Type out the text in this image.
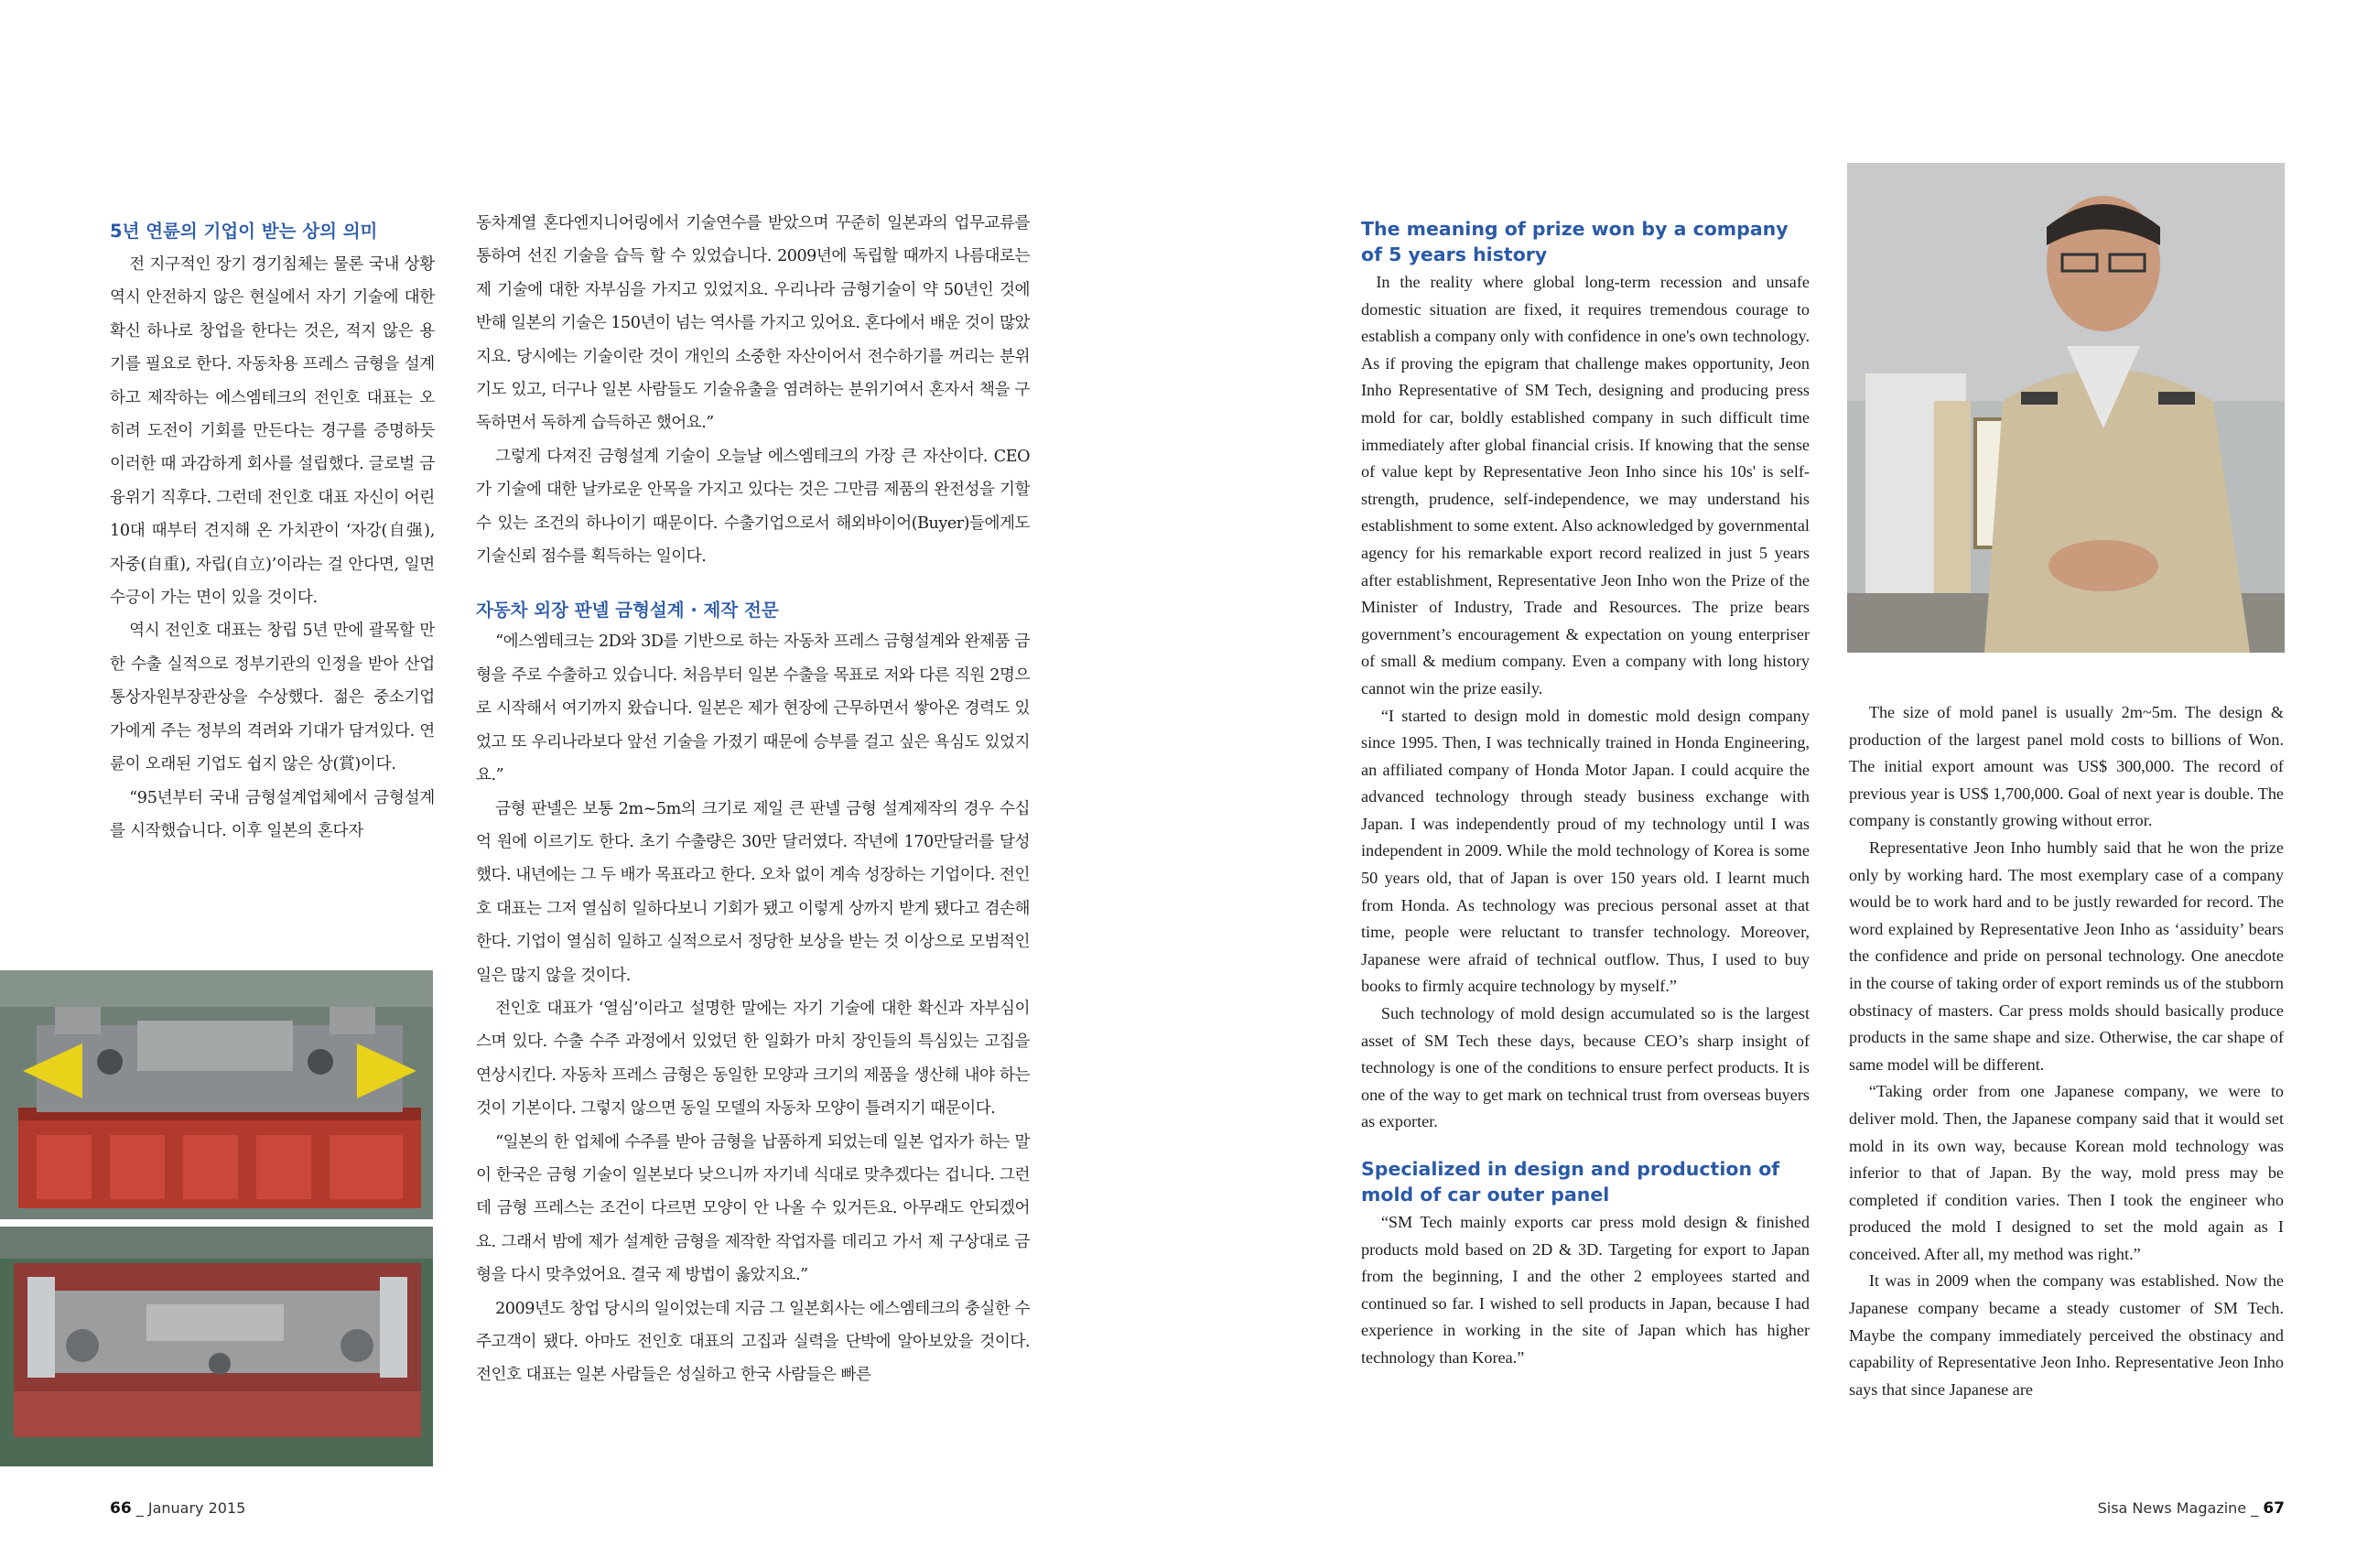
5년 연륜의 기업이 받는 상의 의미

전 지구적인 장기 경기침체는 물론 국내 상황 역시 안전하지 않은 현실에서 자기 기술에 대한 확신 하나로 창업을 한다는 것은, 적지 않은 용기를 필요로 한다. 자동차용 프레스 금형을 설계하고 제작하는 에스엠테크의 전인호 대표는 오히려 도전이 기회를 만든다는 경구를 증명하듯 이러한 때 과감하게 회사를 설립했다. 글로벌 금융위기 직후다. 그런데 전인호 대표 자신이 어린 10대 때부터 견지해 온 가치관이 ‘자강(自强), 자중(自重), 자립(自立)’이라는 걸 안다면, 일면 수긍이 가는 면이 있을 것이다.

역시 전인호 대표는 창립 5년 만에 괄목할 만한 수출 실적으로 정부기관의 인정을 받아 산업통상자원부장관상을 수상했다. 젊은 중소기업가에게 주는 정부의 격려와 기대가 담겨있다. 연륜이 오래된 기업도 쉽지 않은 상(賞)이다.

“95년부터 국내 금형설계업체에서 금형설계를 시작했습니다. 이후 일본의 혼다자

동차계열 혼다엔지니어링에서 기술연수를 받았으며 꾸준히 일본과의 업무교류를 통하여 선진 기술을 습득 할 수 있었습니다. 2009년에 독립할 때까지 나름대로는 제 기술에 대한 자부심을 가지고 있었지요. 우리나라 금형기술이 약 50년인 것에 반해 일본의 기술은 150년이 넘는 역사를 가지고 있어요. 혼다에서 배운 것이 많았지요. 당시에는 기술이란 것이 개인의 소중한 자산이어서 전수하기를 꺼리는 분위기도 있고, 더구나 일본 사람들도 기술유출을 염려하는 분위기여서 혼자서 책을 구독하면서 독하게 습득하곤 했어요.”

그렇게 다져진 금형설계 기술이 오늘날 에스엠테크의 가장 큰 자산이다. CEO가 기술에 대한 날카로운 안목을 가지고 있다는 것은 그만큼 제품의 완전성을 기할 수 있는 조건의 하나이기 때문이다. 수출기업으로서 해외바이어(Buyer)들에게도 기술신뢰 점수를 획득하는 일이다.

자동차 외장 판넬 금형설계 · 제작 전문

“에스엠테크는 2D와 3D를 기반으로 하는 자동차 프레스 금형설계와 완제품 금형을 주로 수출하고 있습니다. 처음부터 일본 수출을 목표로 저와 다른 직원 2명으로 시작해서 여기까지 왔습니다. 일본은 제가 현장에 근무하면서 쌓아온 경력도 있었고 또 우리나라보다 앞선 기술을 가졌기 때문에 승부를 걸고 싶은 욕심도 있었지요.”

금형 판넬은 보통 2m~5m의 크기로 제일 큰 판넬 금형 설계제작의 경우 수십억 원에 이르기도 한다. 초기 수출량은 30만 달러였다. 작년에 170만달러를 달성했다. 내년에는 그 두 배가 목표라고 한다. 오차 없이 계속 성장하는 기업이다. 전인호 대표는 그저 열심히 일하다보니 기회가 됐고 이렇게 상까지 받게 됐다고 겸손해 한다. 기업이 열심히 일하고 실적으로서 정당한 보상을 받는 것 이상으로 모범적인 일은 많지 않을 것이다.

전인호 대표가 ‘열심’이라고 설명한 말에는 자기 기술에 대한 확신과 자부심이 스며 있다. 수출 수주 과정에서 있었던 한 일화가 마치 장인들의 특심있는 고집을 연상시킨다. 자동차 프레스 금형은 동일한 모양과 크기의 제품을 생산해 내야 하는 것이 기본이다. 그렇지 않으면 동일 모델의 자동차 모양이 틀려지기 때문이다.

“일본의 한 업체에 수주를 받아 금형을 납품하게 되었는데 일본 업자가 하는 말이 한국은 금형 기술이 일본보다 낮으니까 자기네 식대로 맞추겠다는 겁니다. 그런데 금형 프레스는 조건이 다르면 모양이 안 나올 수 있거든요. 아무래도 안되겠어요. 그래서 밤에 제가 설계한 금형을 제작한 작업자를 데리고 가서 제 구상대로 금형을 다시 맞추었어요. 결국 제 방법이 옳았지요.”

2009년도 창업 당시의 일이었는데 지금 그 일본회사는 에스엠테크의 충실한 수주고객이 됐다. 아마도 전인호 대표의 고집과 실력을 단박에 알아보았을 것이다. 전인호 대표는 일본 사람들은 성실하고 한국 사람들은 빠른

66 _ January 2015
The meaning of prize won by a company of 5 years history

In the reality where global long-term recession and unsafe domestic situation are fixed, it requires tremendous courage to establish a company only with confidence in one's own technology. As if proving the epigram that challenge makes opportunity, Jeon Inho Representative of SM Tech, designing and producing press mold for car, boldly established company in such difficult time immediately after global financial crisis. If knowing that the sense of value kept by Representative Jeon Inho since his 10s' is self-strength, prudence, self-independence, we may understand his establishment to some extent. Also acknowledged by governmental agency for his remarkable export record realized in just 5 years after establishment, Representative Jeon Inho won the Prize of the Minister of Industry, Trade and Resources. The prize bears government’s encouragement & expectation on young enterpriser of small & medium company. Even a company with long history cannot win the prize easily.

“I started to design mold in domestic mold design company since 1995. Then, I was technically trained in Honda Engineering, an affiliated company of Honda Motor Japan. I could acquire the advanced technology through steady business exchange with Japan. I was independently proud of my technology until I was independent in 2009. While the mold technology of Korea is some 50 years old, that of Japan is over 150 years old. I learnt much from Honda. As technology was precious personal asset at that time, people were reluctant to transfer technology. Moreover, Japanese were afraid of technical outflow. Thus, I used to buy books to firmly acquire technology by myself.”

Such technology of mold design accumulated so is the largest asset of SM Tech these days, because CEO’s sharp insight of technology is one of the conditions to ensure perfect products. It is one of the way to get mark on technical trust from overseas buyers as exporter.

Specialized in design and production of mold of car outer panel

“SM Tech mainly exports car press mold design & finished products mold based on 2D & 3D. Targeting for export to Japan from the beginning, I and the other 2 employees started and continued so far. I wished to sell products in Japan, because I had experience in working in the site of Japan which has higher technology than Korea.”

The size of mold panel is usually 2m~5m. The design & production of the largest panel mold costs to billions of Won. The initial export amount was US$ 300,000. The record of previous year is US$ 1,700,000. Goal of next year is double. The company is constantly growing without error.

Representative Jeon Inho humbly said that he won the prize only by working hard. The most exemplary case of a company would be to work hard and to be justly rewarded for record. The word explained by Representative Jeon Inho as ‘assiduity’ bears the confidence and pride on personal technology. One anecdote in the course of taking order of export reminds us of the stubborn obstinacy of masters. Car press molds should basically produce products in the same shape and size. Otherwise, the car shape of same model will be different.

“Taking order from one Japanese company, we were to deliver mold. Then, the Japanese company said that it would set mold in its own way, because Korean mold technology was inferior to that of Japan. By the way, mold press may be completed if condition varies. Then I took the engineer who produced the mold I designed to set the mold again as I conceived. After all, my method was right.”

It was in 2009 when the company was established. Now the Japanese company became a steady customer of SM Tech. Maybe the company immediately perceived the obstinacy and capability of Representative Jeon Inho. Representative Jeon Inho says that since Japanese are

Sisa News Magazine _ 67
